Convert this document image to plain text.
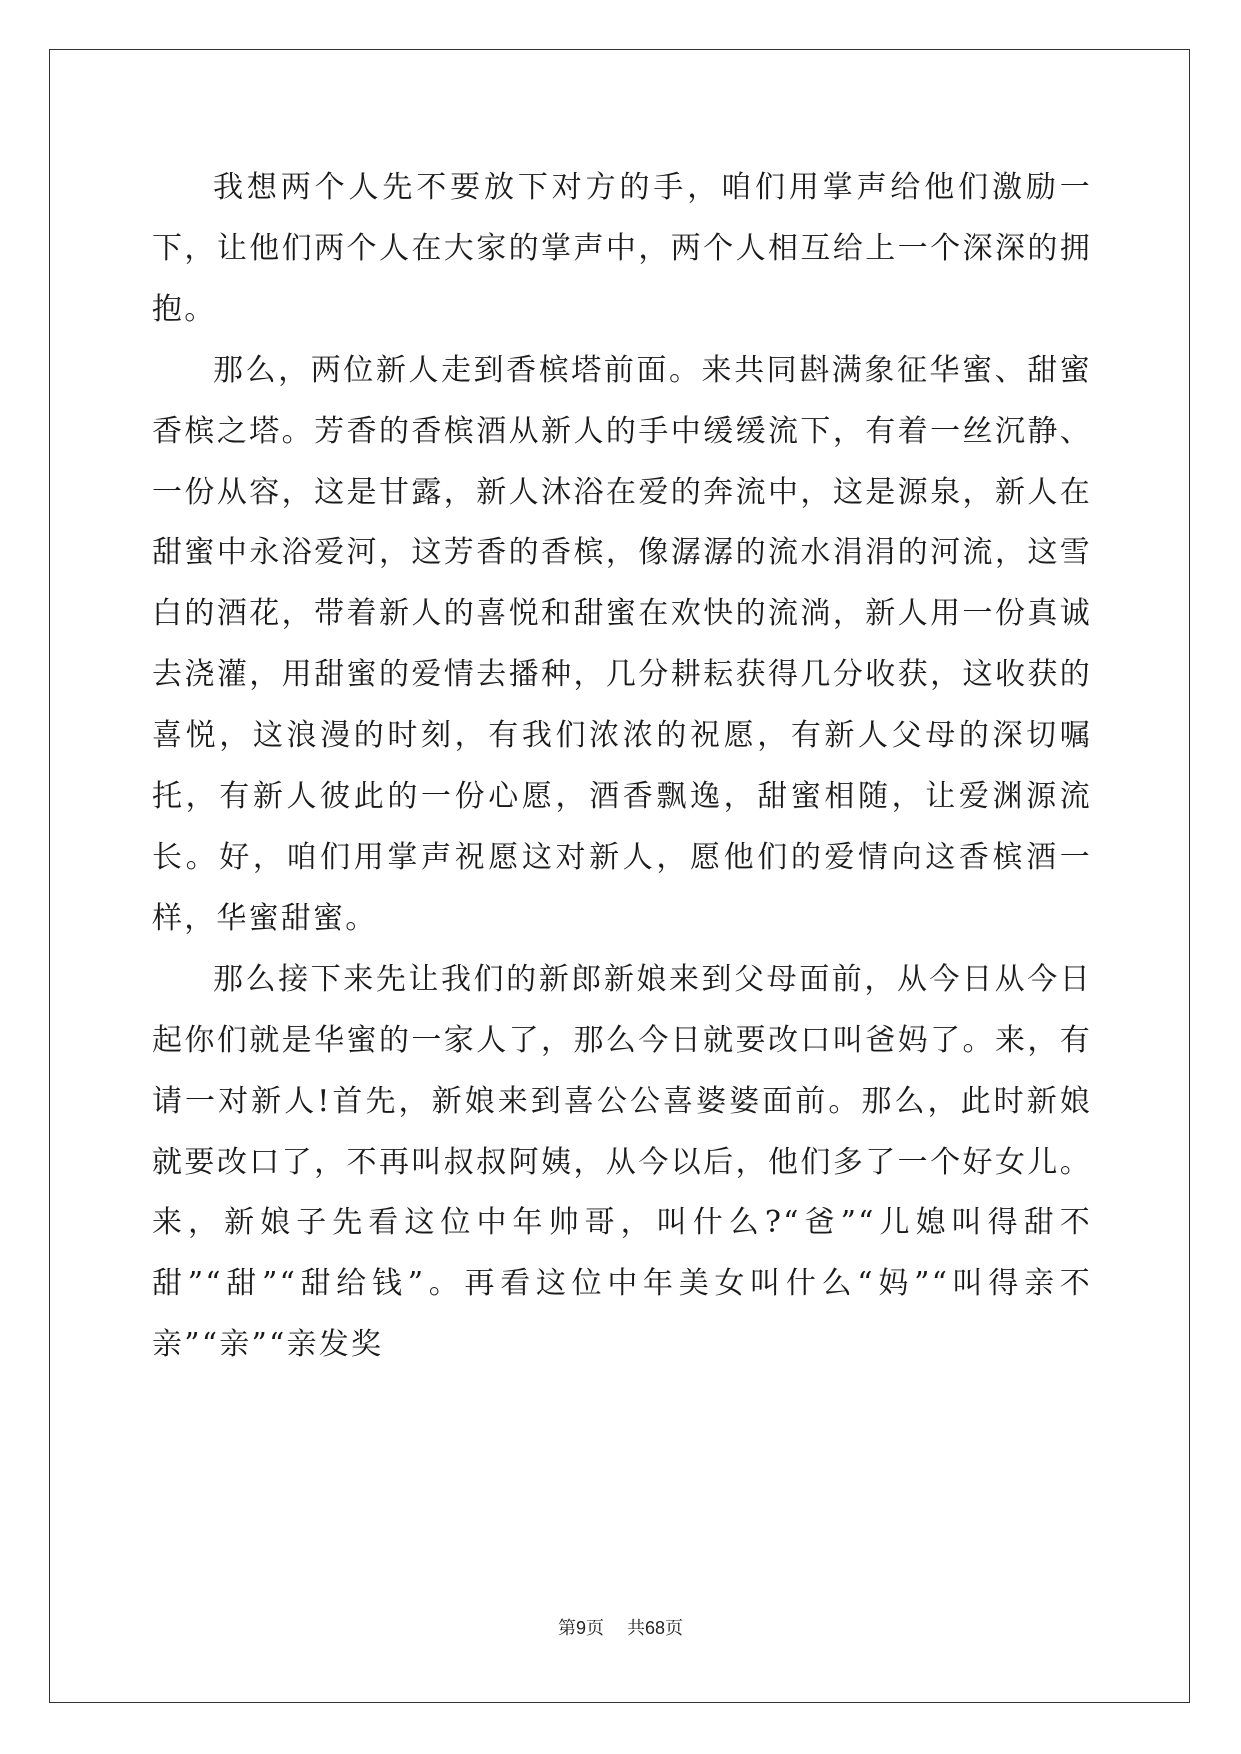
我想两个人先不要放下对方的手，咱们用掌声给他们激励一下，让他们两个人在大家的掌声中，两个人相互给上一个深深的拥抱。

那么，两位新人走到香槟塔前面。来共同斟满象征华蜜、甜蜜香槟之塔。芳香的香槟酒从新人的手中缓缓流下，有着一丝沉静、一份从容，这是甘露，新人沐浴在爱的奔流中，这是源泉，新人在甜蜜中永浴爱河，这芳香的香槟，像潺潺的流水涓涓的河流，这雪白的酒花，带着新人的喜悦和甜蜜在欢快的流淌，新人用一份真诚去浇灌，用甜蜜的爱情去播种，几分耕耘获得几分收获，这收获的喜悦，这浪漫的时刻，有我们浓浓的祝愿，有新人父母的深切嘱托，有新人彼此的一份心愿，酒香飘逸，甜蜜相随，让爱渊源流长。好，咱们用掌声祝愿这对新人，愿他们的爱情向这香槟酒一样，华蜜甜蜜。

那么接下来先让我们的新郎新娘来到父母面前，从今日从今日起你们就是华蜜的一家人了，那么今日就要改口叫爸妈了。来，有请一对新人!首先，新娘来到喜公公喜婆婆面前。那么，此时新娘就要改口了，不再叫叔叔阿姨，从今以后，他们多了一个好女儿。来，新娘子先看这位中年帅哥，叫什么?“爸”“儿媳叫得甜不甜”“甜”“甜给钱”。再看这位中年美女叫什么“妈”“叫得亲不亲”“亲”“亲发奖

第9页 共68页
